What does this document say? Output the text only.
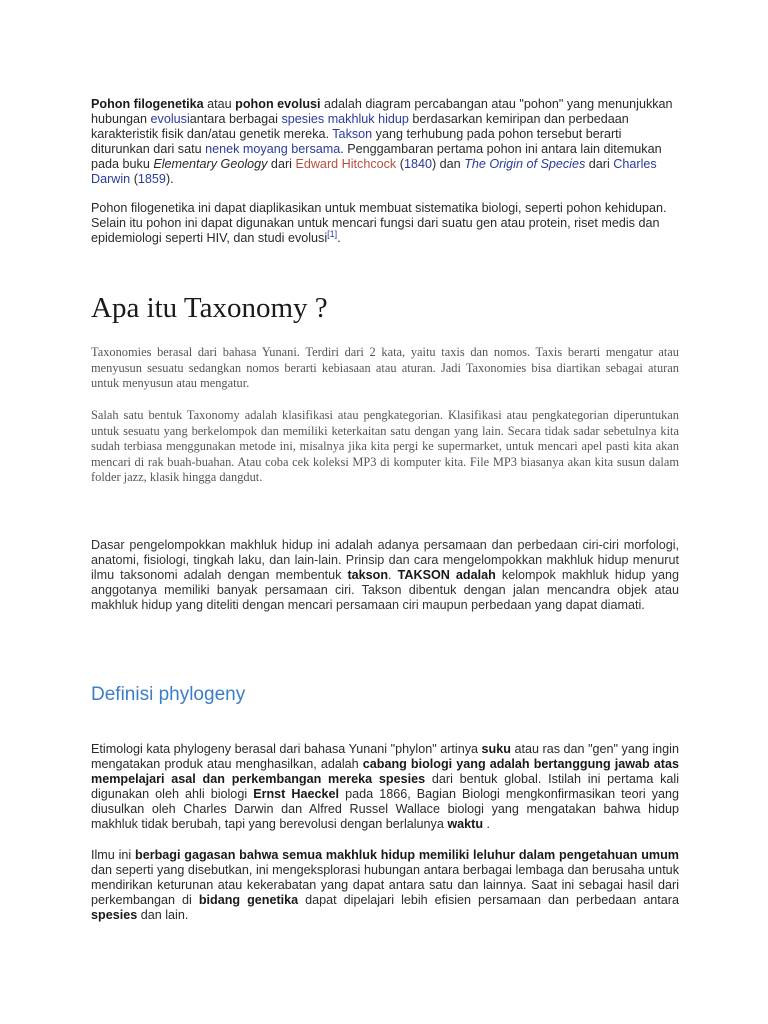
Pohon filogenetika atau pohon evolusi adalah diagram percabangan atau "pohon" yang menunjukkan hubungan evolusiantara berbagai spesies makhluk hidup berdasarkan kemiripan dan perbedaan karakteristik fisik dan/atau genetik mereka. Takson yang terhubung pada pohon tersebut berarti diturunkan dari satu nenek moyang bersama. Penggambaran pertama pohon ini antara lain ditemukan pada buku Elementary Geology dari Edward Hitchcock (1840) dan The Origin of Species dari Charles Darwin (1859).

Pohon filogenetika ini dapat diaplikasikan untuk membuat sistematika biologi, seperti pohon kehidupan. Selain itu pohon ini dapat digunakan untuk mencari fungsi dari suatu gen atau protein, riset medis dan epidemiologi seperti HIV, dan studi evolusi[1].

Apa itu Taxonomy ?

Taxonomies berasal dari bahasa Yunani. Terdiri dari 2 kata, yaitu taxis dan nomos. Taxis berarti mengatur atau menyusun sesuatu sedangkan nomos berarti kebiasaan atau aturan. Jadi Taxonomies bisa diartikan sebagai aturan untuk menyusun atau mengatur.

Salah satu bentuk Taxonomy adalah klasifikasi atau pengkategorian. Klasifikasi atau pengkategorian diperuntukan untuk sesuatu yang berkelompok dan memiliki keterkaitan satu dengan yang lain. Secara tidak sadar sebetulnya kita sudah terbiasa menggunakan metode ini, misalnya jika kita pergi ke supermarket, untuk mencari apel pasti kita akan mencari di rak buah-buahan. Atau coba cek koleksi MP3 di komputer kita. File MP3 biasanya akan kita susun dalam folder jazz, klasik hingga dangdut.

Dasar pengelompokkan makhluk hidup ini adalah adanya persamaan dan perbedaan ciri-ciri morfologi, anatomi, fisiologi, tingkah laku, dan lain-lain. Prinsip dan cara mengelompokkan makhluk hidup menurut ilmu taksonomi adalah dengan membentuk takson. TAKSON adalah kelompok makhluk hidup yang anggotanya memiliki banyak persamaan ciri. Takson dibentuk dengan jalan mencandra objek atau makhluk hidup yang diteliti dengan mencari persamaan ciri maupun perbedaan yang dapat diamati.

Definisi phylogeny

Etimologi kata phylogeny berasal dari bahasa Yunani "phylon" artinya suku atau ras dan "gen" yang ingin mengatakan produk atau menghasilkan, adalah cabang biologi yang adalah bertanggung jawab atas mempelajari asal dan perkembangan mereka spesies dari bentuk global. Istilah ini pertama kali digunakan oleh ahli biologi Ernst Haeckel pada 1866, Bagian Biologi mengkonfirmasikan teori yang diusulkan oleh Charles Darwin dan Alfred Russel Wallace biologi yang mengatakan bahwa hidup makhluk tidak berubah, tapi yang berevolusi dengan berlalunya waktu .

Ilmu ini berbagi gagasan bahwa semua makhluk hidup memiliki leluhur dalam pengetahuan umum dan seperti yang disebutkan, ini mengeksplorasi hubungan antara berbagai lembaga dan berusaha untuk mendirikan keturunan atau kekerabatan yang dapat antara satu dan lainnya. Saat ini sebagai hasil dari perkembangan di bidang genetika dapat dipelajari lebih efisien persamaan dan perbedaan antara spesies dan lain.
